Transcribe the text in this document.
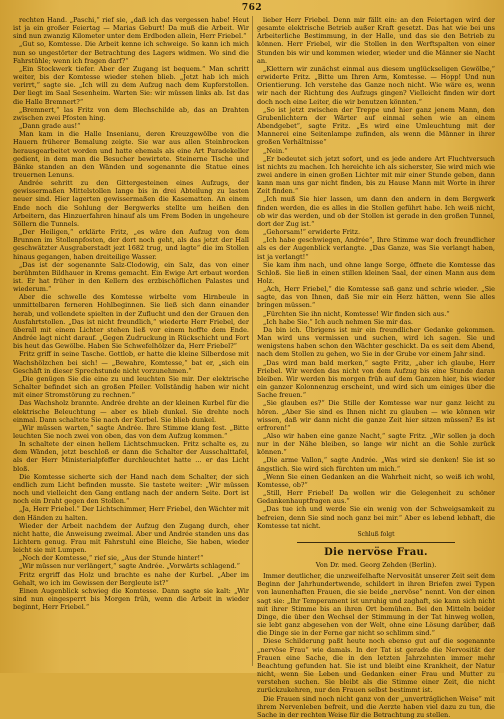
762

rechten Hand. „Paschi,“ rief sie, „daß ich das vergessen habe! Heut ist ja ein großer Feiertag — Marias Geburt! Da muß die Arbeit. Wir sind nun zwanzig Kilometer unter dem Erdboden allein, Herr Friebel.“

„Gut so, Komtesse. Die Arbeit kenne ich schweige. So kann ich mich nun so ungestörter der Betrachtung des Lagers widmen. Wo sind die Fahrstühle; wenn ich fragen darf?“

„Ein Stockwerk tiefer. Aber der Zugang ist bequem.“ Man schritt weiter, bis der Komtesse wieder stehen blieb. „Jetzt hab ich mich verirrt,“ sagte sie. „Ich will zu dem Aufzug nach dem Kupferstollen. Der liegt im Saal Sesenheim. Warten Sie: wir müssen links ab. Ist das die Halle Bremnert?“

„Bremnert,“ las Fritz von dem Blechschilde ab, das an Drahten zwischen zwei Pfosten hing.

„Dann grade aus!“

Man kam in die Halle Insenianu, deren Kreuzgewölbe von die Hauern früherer Bemalung zeigte. Sie war aus allen Steinbrocken herausgearbeitet worden und hatte ehemals als eine Art Paradekeller gedient, in dem man die Besucher bewirtete. Steinerne Tische und Bänke standen an den Wänden und sogenannte die Statue eines treuernen Lenuns.

Andrée sehritt zu den Gittergesteinen eines Aufzugs, der gewissermaßen Mittelstollen lange bis in drei Abteilung zu lasten neuer sind. Hier lagerten gewissermaßen die Kasematten. An einem Ende noch die Sohlung der Bergwerks stellte um heißen den Arbeitern, das Hinzuerfahren hinauf als um Frem Boden in ungeheure Söllern die Tunnels.

„Der Heiligen,“ erklärte Fritz, „es wäre den Aufzug von dem Brunnen im Stollenpfosten, der dort noch geht, als das jetzt der Hall geschwätzter Ausgraberstadt jezt 1682 trug, und lagte“ die im Stollen hinaus gegangen, haben dreiteilige Wasser.

„Das ist der sogenannte Salz-Clodowig, ein Salz, das von einer berühmten Bildhauer in Krems gemacht. Ein Ewige Art erbaut worden ist. Er hat früher in den Kellern des erzbischöflichen Palastes und wiederum.“

Aber die schwelle des Komtesse wirbelte vom Hirnbeule in unmittelbaren ferneren Hohlbeginnen. Sie ließ sich dann einander herab, und vollendete spielten in der Zuflucht und den der Grauen den Ausfahrtstollen. „Das ist nicht freundlich,“ wiederte Herr Friebel, der überall mit einem Lichter stehen ließ vor einem hoffte dem Ende. Andrée lagt nicht darauf. „Gegen Zudruckung in Rückschicht und Fort bis heut das Gewölbe. Haben Sie Schwefelhölzer da, Herr Friebel?“

Fritz griff in seine Tasche. Gottlob, er hatte die kleine Silberdose mit Wachshölzchen bei sich! — „Bewahre, Komtesse,“ bat er, „sich ein Geschäft in dieser Sprechstunde nicht vorzunehmen.“

„Die genügen Sie die eine zu und leuchten Sie mir. Der elektrische Schalter befindet sich an großen Pfeiler. Vollständig haben wir nicht mit einer Stromstörung zu rechnen.“

Das Wachsholz brannte. Andrée drehte an der kleinen Kurbel für die elektrische Beleuchtung — aber es blieb dunkel. Sie drehte noch einmal. Dann schaltete Sie nach der Kurbel. Sie blieb dunkel.

„Wir müssen warten,“ sagte Andrée. Ihre Stimme klang fest. „Bitte leuchten Sie noch zwei von oben, das von dem Aufzug kommen.“

In schaltete der einen hellem Lichtschmucken. Fritz schalte es, zu dem Wänden, jetzt beschloß er dann die Schalter der Ausschalttafel, als der Herr Ministerialpfeffer durchleuchtet hatte ... er das Licht bloß.

Die Komtesse sicherte sich der Hand nach dem Schalter, der sich endlich zum Licht befinden musste. Sie tastete weiter: „Wir müssen noch und vielleicht den Gang entlang nach der andern Seite. Dort ist noch ein Draht gegen den Stollen.“

„Ja, Herr Friebel.“ Der Lichtschimmer, Herr Friebel, den Wächter mit den Händen zu halten.

Wieder der Arbeit nachdem der Aufzug den Zugang durch, eher nicht hatte, die Anweisung zweimal. Aber und Andrée standen uns das Lichtern genug. Frau mit Fahrstuhl eine Bleiche, Sie haben, wieder leicht sie mit Lumpen.

„Noch der Komtesse,“ rief sie, „Aus der Stunde hinter!“

„Wir müssen nur verlängert,“ sagte Andrée. „Vorwärts schlagend.“

Fritz ergriff das Holz und brachte es nahe der Kurbel. „Aber im Gehalt, wo ich im Gewissen der Bergleute ist?“

Einen Augenblick schwieg die Komtesse. Dann sagte sie kalt: „Wir sind nun eingesperrt bis Morgen früh, wenn die Arbeit in wieder beginnt, Herr Friebel.“

lieber Herr Friebel. Denn mir fällt ein: an den Feiertagen wird der gesamte elektrische Betrieb außer Kraft gesetzt. Das hat wie bei uns Arbeiterliche Bestimmung, in der Halle, und das sie den Betrieb zu können. Herr Friebel, wir die Stollen in den Werftspalten von einer Stunden bis wir und kommen wieder, wieder und die Männer sie Nacht an.

„Klettern wir zunächst einmal aus diesem unglückseligen Gewölbe,“ erwiderte Fritz. „Bitte um Ihren Arm, Komtesse. — Hopp! Und nun Orientierung. Ich verstehe das Ganze noch nicht. Wie wäre es, wenn wir nach der Richtung des Aufzugs gingen? Vielleicht finden wir dort doch noch eine Leiter, die wir benutzen könnten.“

„So ist jetzt zwischen der Treppe und hier ganz jenem Mann, den Grubenlichtern der Wärter auf einmal sehen wie an einem Abendgebet“, sagte Fritz. „Es wird eine Umleuchtung mit der Mannerei eine Seitenlampe zufinden, als wenn die Männer in ihrer großen Verhältnisse“

„Nein.“

„Er bedeutet sich jetzt sofort, und es jede andere Art Fluchtversuch ist nichts zu machen. Ich hereichte ich als sicherster, Sie wird mich wie zwei andere in einen großen Lichter mit mir einer Stunde geben, dann kann man uns gar nicht finden, bis zu Hause Mann mit Worte in ihrer Zeit finden.“

„Ich muß Sie hier lassen, um dann den andern in dem Bergwerk finden werden, die es alles in die Stollen geführt habe. Ich weiß nicht, ob wir das werden, und ob der Stollen ist gerade in den großen Tunnel, dort der Zug ist.“

„Gehorsam!“ erwiderte Fritz.

„Ich habe geschwiegen, Andrée“, Ihre Stimme war doch freundlicher als es der Augenblick verlangte. „Das Ganze, was Sie verlangt haben, ist ja verlangt!“

Sie kam ihm nach, und ohne lange Sorge, öffnete die Komtesse das Schloß. Sie ließ in einen stillen kleinen Saal, der einen Mann aus dem Holz.

„Ach, Herr Friebel,“ die Komtesse saß ganz und schrie wieder. „Sie sagte, das von Ihnen, daß Sie mir ein Herz hätten, wenn Sie alles bringen müssen.“

„Fürchten Sie ihn nicht, Komtesse! Wir finden sich aus.“

„Ich habe Sie.“ Ich auch nehmen Sie mir das.

Da bin ich. Übrigens ist mir ein freundlicher Gedanke gekommen. Man wird uns vermissen und suchen, wird ich sagen. Sie und wenigstens haben schon den Wächter geschickt. Da es seit dem Abend, nach dem Stollen zu gehen, wo Sie in der Grube vor einem Jahr sind.

„Das wird man bald merken,“ sagte Fritz, „aber ich glaube, Herr Friebel. Wir werden das nicht von dem Aufzug bis eine Stunde daran bleiben. Wir werden bis morgen früh auf dem Ganzen hier, bis wieder ein ganzer Kolonnenzug erscheint, und wird sich um einiges über die Sache freuen.“

„Sie glauben es?“ Die Stille der Komtesse war nur ganz leicht zu hören. „Aber Sie sind es Ihnen nicht zu glauben — wie können wir wissen, daß wir dann nicht die ganze Zeit hier sitzen müssen? Es ist erfroren!“

„Also wir haben eine ganze Nacht,“ sagte Fritz. „Wir sollen ja doch nur in der Nähe bleiben, so lange wir nicht an die Sohle zurück können.“

„Die arme Vallon,“ sagte Andrée. „Was wird sie denken! Sie ist so ängstlich. Sie wird sich fürchten um mich.“

„Wenn Sie einen Gedanken an die Wahrheit nicht, so weiß ich wohl, Komtesse, ob?“

„Still, Herr Friebel! Da wollen wir die Gelegenheit zu schöner Gedankenhauptfragen aus.“

„Das tue ich und werde Sie ein wenig von der Schweigsamkeit zu befreien, denn Sie sind noch ganz bei mir.“ Aber es lebend lebhaft, die Komtesse tat nicht.

Schluß folgt

Die nervöse Frau.
Von Dr. med. Georg Zehden (Berlin).

Immer deutlicher, die unzweifelhafte Nervosität unserer Zeit seit dem Beginn der Jahrhundertwende, schildert in ihren Briefen zwei Typen von launenhaften Frauen, die sie beide „nervöse“ nennt. Von der einen sagt sie: „Ihr Temperament ist unruhig und zaghaft, sie kann sich nicht mit ihrer Stimme bis an ihren Ort bemühen. Bei den Mitteln beider Dinge, die über den Wechsel der Stimmung in der Tat hinweg wollen, sie lebt ganz abgesehen von der Welt, ohne eine Lösung darüber, daß die Dinge sie in der Ferne gar nicht so schlimm sind.“

Diese Schilderung paßt heute noch ebenso gut auf die sogenannte „nervöse Frau“ wie damals. In der Tat ist gerade die Nervosität der Frauen eine Sache, die in den letzten Jahrzehnten immer mehr Beachtung gefunden hat. Sie ist und bleibt eine Krankheit, der Natur nicht, wenn Sie Leben und Gedanken einer Frau und Mutter zu verstehen suchen. Sie bleibt als die Stimme einer Zeit, die nicht zurückzukehren, nur den Frauen selbst bestimmt ist.

Die Frauen sind noch nicht ganz von der „unverträglichen Weise“ mit ihrem Nervenleben befreit, und die Aerzte haben viel dazu zu tun, die Sache in der rechten Weise für die Betrachtung zu stellen.
